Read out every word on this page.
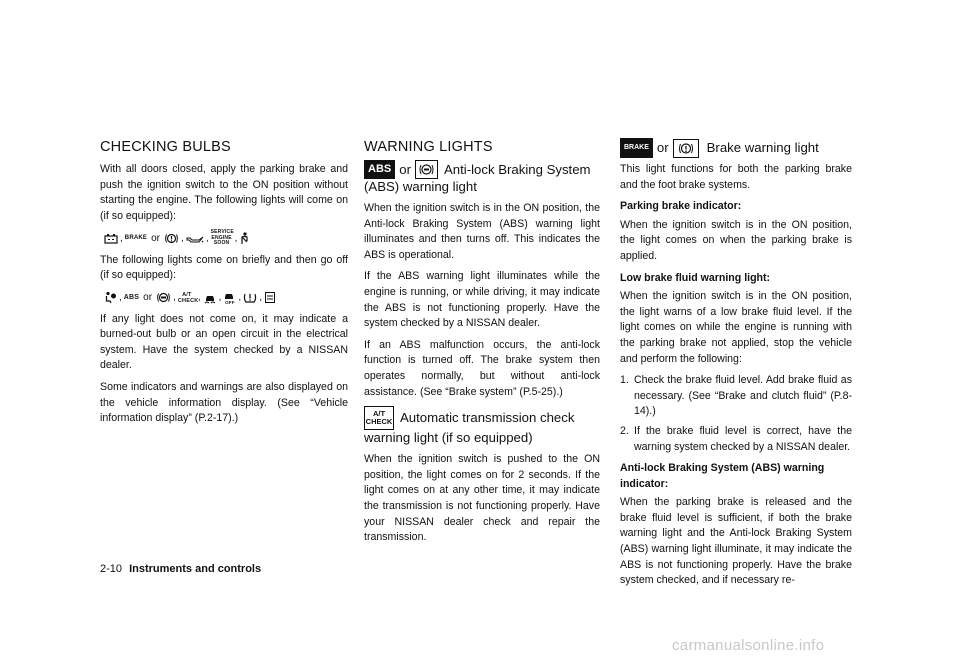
CHECKING BULBS

With all doors closed, apply the parking brake and push the ignition switch to the ON position without starting the engine. The following lights will come on (if so equipped):

, BRAKE or , ,
SERVICE ENGINE SOON ,

The following lights come on briefly and then go off (if so equipped):

, ABS or ,	A/T CHECK , , OFF , ,

If any light does not come on, it may indicate a burned-out bulb or an open circuit in the electrical system. Have the system checked by a NISSAN dealer.

Some indicators and warnings are also displayed on the vehicle information display. (See “Vehicle information display” (P.2-17).)

WARNING LIGHTS
ABS or	Anti-lock Braking System
(ABS) warning light

When the ignition switch is in the ON position, the Anti-lock Braking System (ABS) warning light illuminates and then turns off. This indicates the ABS is operational.

If the ABS warning light illuminates while the engine is running, or while driving, it may indicate the ABS is not functioning properly. Have the system checked by a NISSAN dealer.

If an ABS malfunction occurs, the anti-lock function is turned off. The brake system then operates normally, but without anti-lock assistance. (See “Brake system” (P.5-25).)

A/T
CHECK Automatic transmission check
warning light (if so equipped)

When the ignition switch is pushed to the ON position, the light comes on for 2 seconds. If the light comes on at any other time, it may indicate the transmission is not functioning properly. Have your NISSAN dealer check and repair the transmission.

BRAKE or	Brake warning light

This light functions for both the parking brake and the foot brake systems.

Parking brake indicator:

When the ignition switch is in the ON position, the light comes on when the parking brake is applied.

Low brake fluid warning light:

When the ignition switch is in the ON position, the light warns of a low brake fluid level. If the light comes on while the engine is running with the parking brake not applied, stop the vehicle and perform the following:

1. Check the brake fluid level. Add brake fluid as necessary. (See “Brake and clutch fluid” (P.8-14).)
2. If the brake fluid level is correct, have the warning system checked by a NISSAN dealer.
Anti-lock Braking System (ABS) warning
indicator:

When the parking brake is released and the brake fluid level is sufficient, if both the brake warning light and the Anti-lock Braking System (ABS) warning light illuminate, it may indicate the ABS is not functioning properly. Have the brake system checked, and if necessary re-

2-10 Instruments and controls
carmanualsonline.info
